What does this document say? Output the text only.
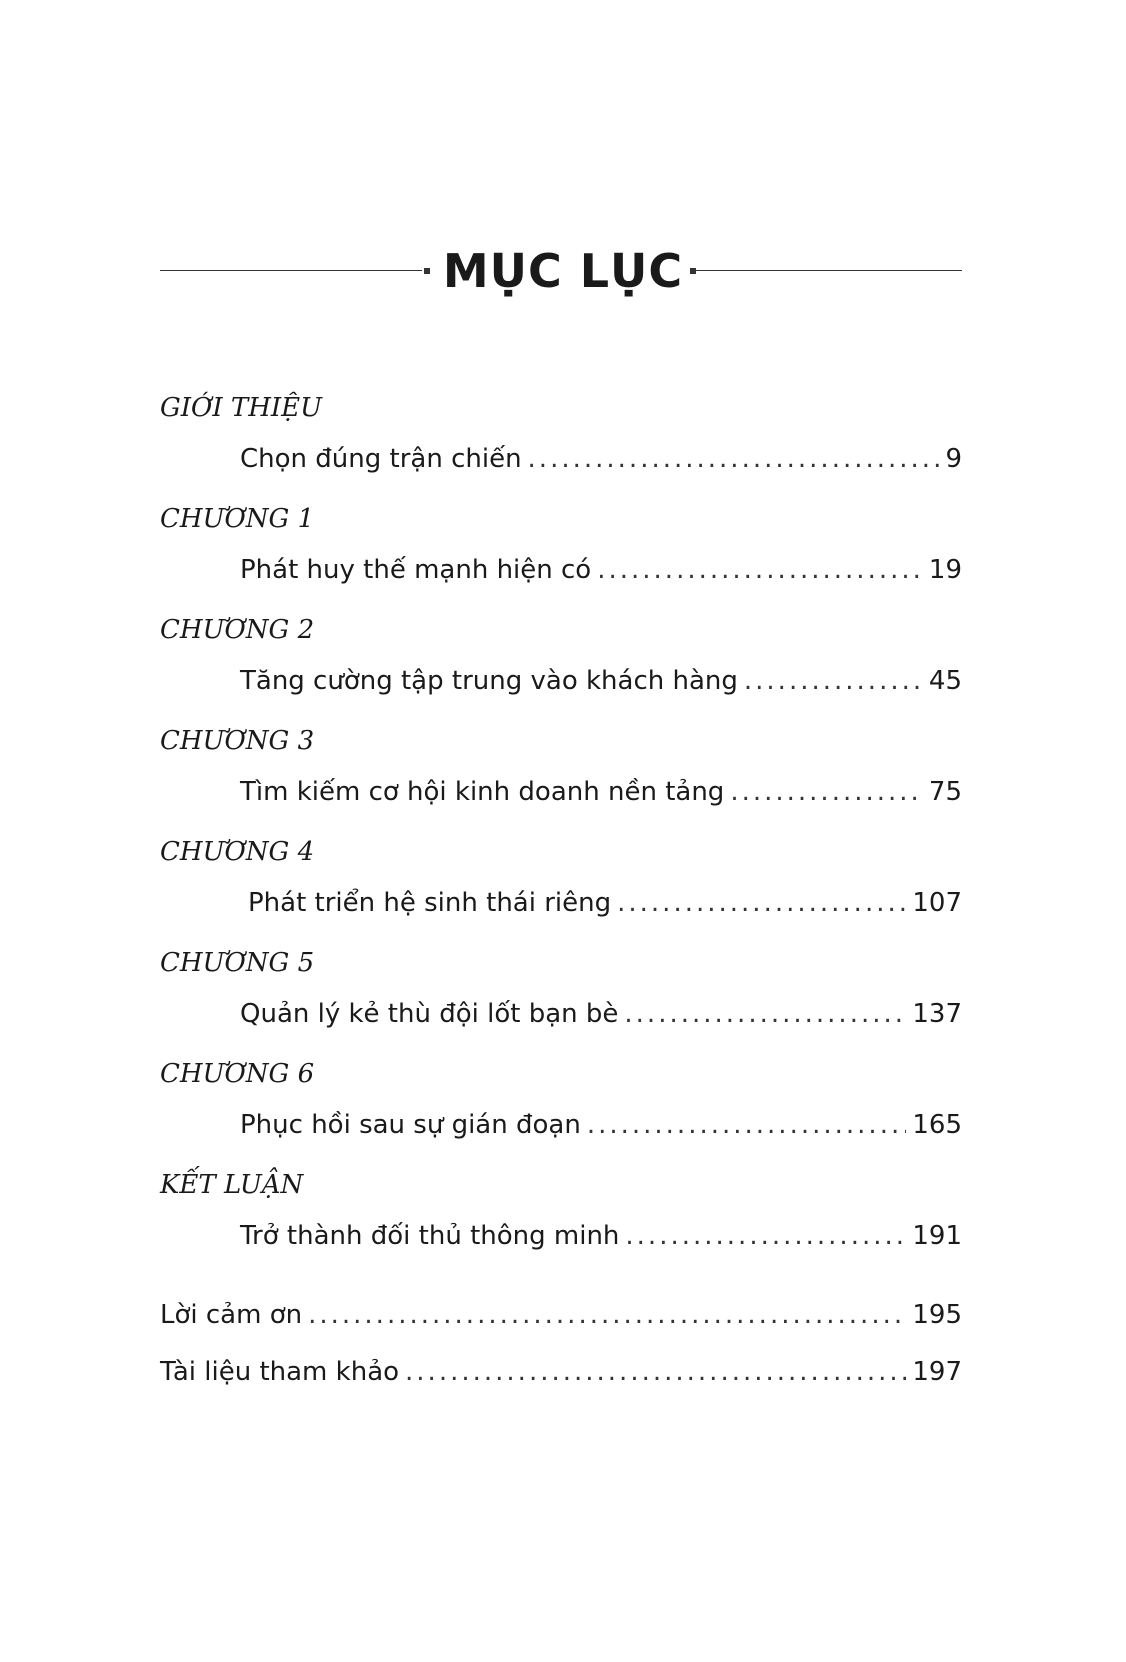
MỤC LỤC
GIỚI THIỆU
Chọn đúng trận chiến .....	9
CHƯƠNG 1
Phát huy thế mạnh hiện có .....	19
CHƯƠNG 2
Tăng cường tập trung vào khách hàng .....	45
CHƯƠNG 3
Tìm kiếm cơ hội kinh doanh nền tảng .....	75
CHƯƠNG 4
Phát triển hệ sinh thái riêng .....	107
CHƯƠNG 5
Quản lý kẻ thù đội lốt bạn bè .....	137
CHƯƠNG 6
Phục hồi sau sự gián đoạn .....	165
KẾT LUẬN
Trở thành đối thủ thông minh .....	191
Lời cảm ơn .....	195
Tài liệu tham khảo .....	197
